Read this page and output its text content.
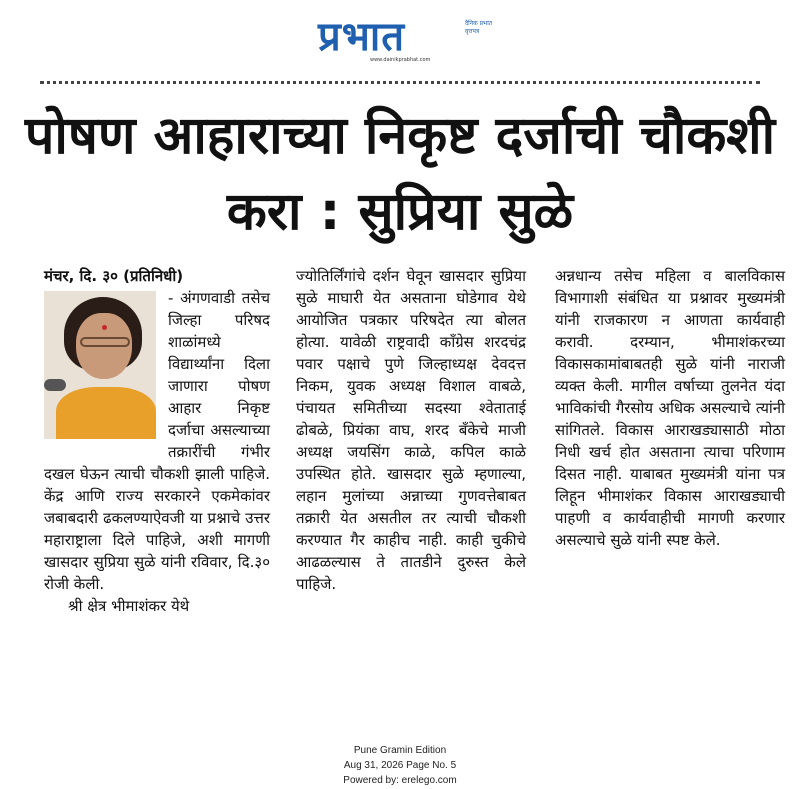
प्रभात	दैनिक प्रभात वृत्तपत्र
www.dainikprabhat.com
पोषण आहाराच्या निकृष्ट दर्जाची चौकशी करा : सुप्रिया सुळे

मंचर, दि. ३० (प्रतिनिधी)

- अंगणवाडी तसेच जिल्हा परिषद शाळांमध्ये विद्यार्थ्यांना दिला जाणारा पोषण आहार निकृष्ट दर्जाचा असल्याच्या तक्रारींची गंभीर दखल घेऊन त्याची चौकशी झाली पाहिजे. केंद्र आणि राज्य सरकारने एकमेकांवर जबाबदारी ढकलण्याऐवजी या प्रश्नाचे उत्तर महाराष्ट्राला दिले पाहिजे, अशी मागणी खासदार सुप्रिया सुळे यांनी रविवार, दि.३० रोजी केली.

श्री क्षेत्र भीमाशंकर येथे

ज्योतिर्लिंगांचे दर्शन घेवून खासदार सुप्रिया सुळे माघारी येत असताना घोडेगाव येथे आयोजित पत्रकार परिषदेत त्या बोलत होत्या. यावेळी राष्ट्रवादी काँग्रेस शरदचंद्र पवार पक्षाचे पुणे जिल्हाध्यक्ष देवदत्त निकम, युवक अध्यक्ष विशाल वाबळे, पंचायत समितीच्या सदस्या श्वेताताई ढोबळे, प्रियंका वाघ, शरद बँकेचे माजी अध्यक्ष जयसिंग काळे, कपिल काळे उपस्थित होते. खासदार सुळे म्हणाल्या, लहान मुलांच्या अन्नाच्या गुणवत्तेबाबत तक्रारी येत असतील तर त्याची चौकशी करण्यात गैर काहीच नाही. काही चुकीचे आढळल्यास ते तातडीने दुरुस्त केले पाहिजे.

अन्नधान्य तसेच महिला व बालविकास विभागाशी संबंधित या प्रश्नावर मुख्यमंत्री यांनी राजकारण न आणता कार्यवाही करावी. दरम्यान, भीमाशंकरच्या विकासकामांबाबतही सुळे यांनी नाराजी व्यक्त केली. मागील वर्षाच्या तुलनेत यंदा भाविकांची गैरसोय अधिक असल्याचे त्यांनी सांगितले. विकास आराखड्यासाठी मोठा निधी खर्च होत असताना त्याचा परिणाम दिसत नाही. याबाबत मुख्यमंत्री यांना पत्र लिहून भीमाशंकर विकास आराखड्याची पाहणी व कार्यवाहीची मागणी करणार असल्याचे सुळे यांनी स्पष्ट केले.

Pune Gramin Edition
Aug 31, 2026 Page No. 5
Powered by: erelego.com
